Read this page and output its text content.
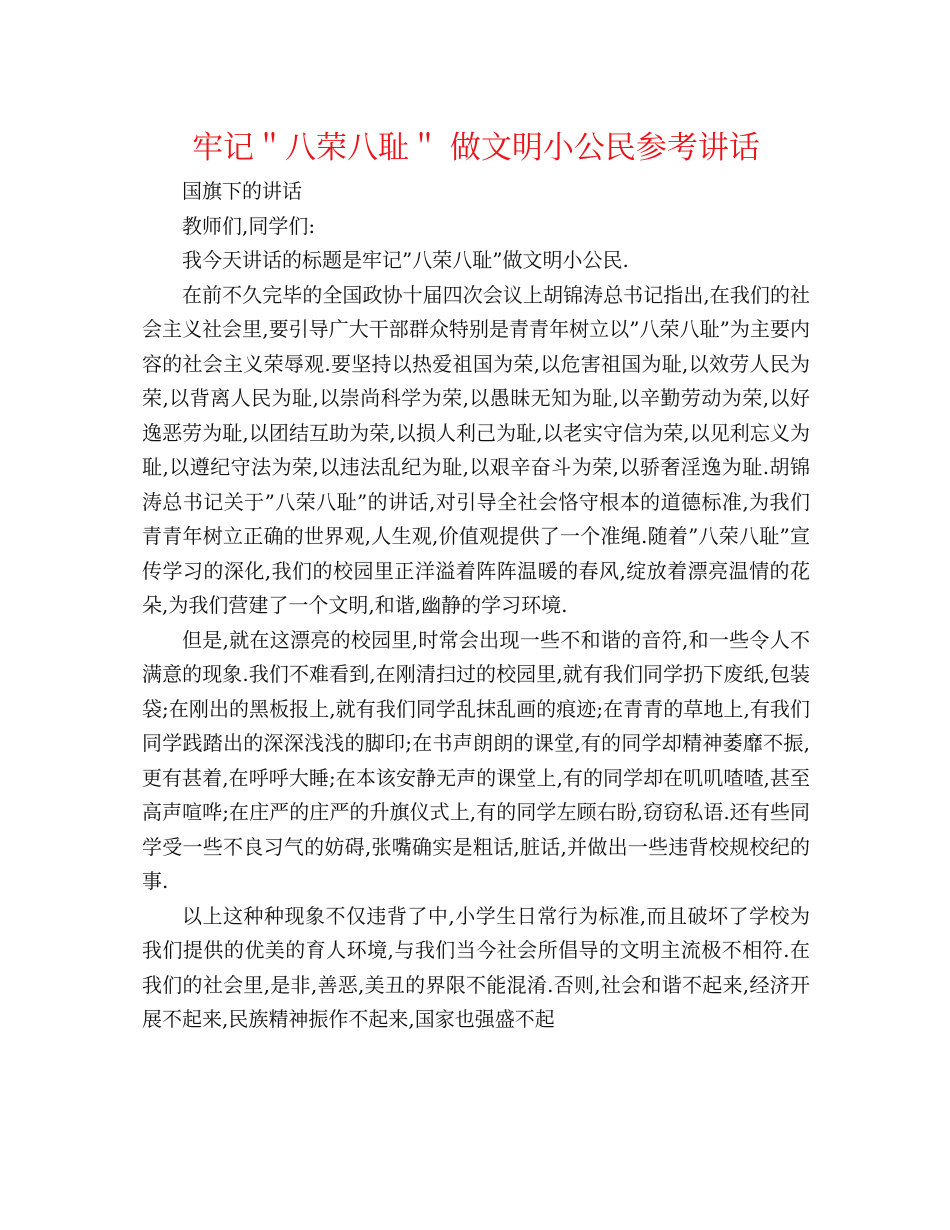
牢记＂八荣八耻＂ 做文明小公民参考讲话

国旗下的讲话

教师们,同学们:

我今天讲话的标题是牢记”八荣八耻”做文明小公民.

在前不久完毕的全国政协十届四次会议上胡锦涛总书记指出,在我们的社会主义社会里,要引导广大干部群众特别是青青年树立以”八荣八耻”为主要内容的社会主义荣辱观.要坚持以热爱祖国为荣,以危害祖国为耻,以效劳人民为荣,以背离人民为耻,以崇尚科学为荣,以愚昧无知为耻,以辛勤劳动为荣,以好逸恶劳为耻,以团结互助为荣,以损人利己为耻,以老实守信为荣,以见利忘义为耻,以遵纪守法为荣,以违法乱纪为耻,以艰辛奋斗为荣,以骄奢淫逸为耻.胡锦涛总书记关于”八荣八耻”的讲话,对引导全社会恪守根本的道德标准,为我们青青年树立正确的世界观,人生观,价值观提供了一个准绳.随着”八荣八耻”宣传学习的深化,我们的校园里正洋溢着阵阵温暖的春风,绽放着漂亮温情的花朵,为我们营建了一个文明,和谐,幽静的学习环境.

但是,就在这漂亮的校园里,时常会出现一些不和谐的音符,和一些令人不满意的现象.我们不难看到,在刚清扫过的校园里,就有我们同学扔下废纸,包装袋;在刚出的黑板报上,就有我们同学乱抹乱画的痕迹;在青青的草地上,有我们同学践踏出的深深浅浅的脚印;在书声朗朗的课堂,有的同学却精神萎靡不振,更有甚着,在呼呼大睡;在本该安静无声的课堂上,有的同学却在叽叽喳喳,甚至高声喧哗;在庄严的庄严的升旗仪式上,有的同学左顾右盼,窃窃私语.还有些同学受一些不良习气的妨碍,张嘴确实是粗话,脏话,并做出一些违背校规校纪的事.

以上这种种现象不仅违背了中,小学生日常行为标准,而且破坏了学校为我们提供的优美的育人环境,与我们当今社会所倡导的文明主流极不相符.在我们的社会里,是非,善恶,美丑的界限不能混淆.否则,社会和谐不起来,经济开展不起来,民族精神振作不起来,国家也强盛不起
